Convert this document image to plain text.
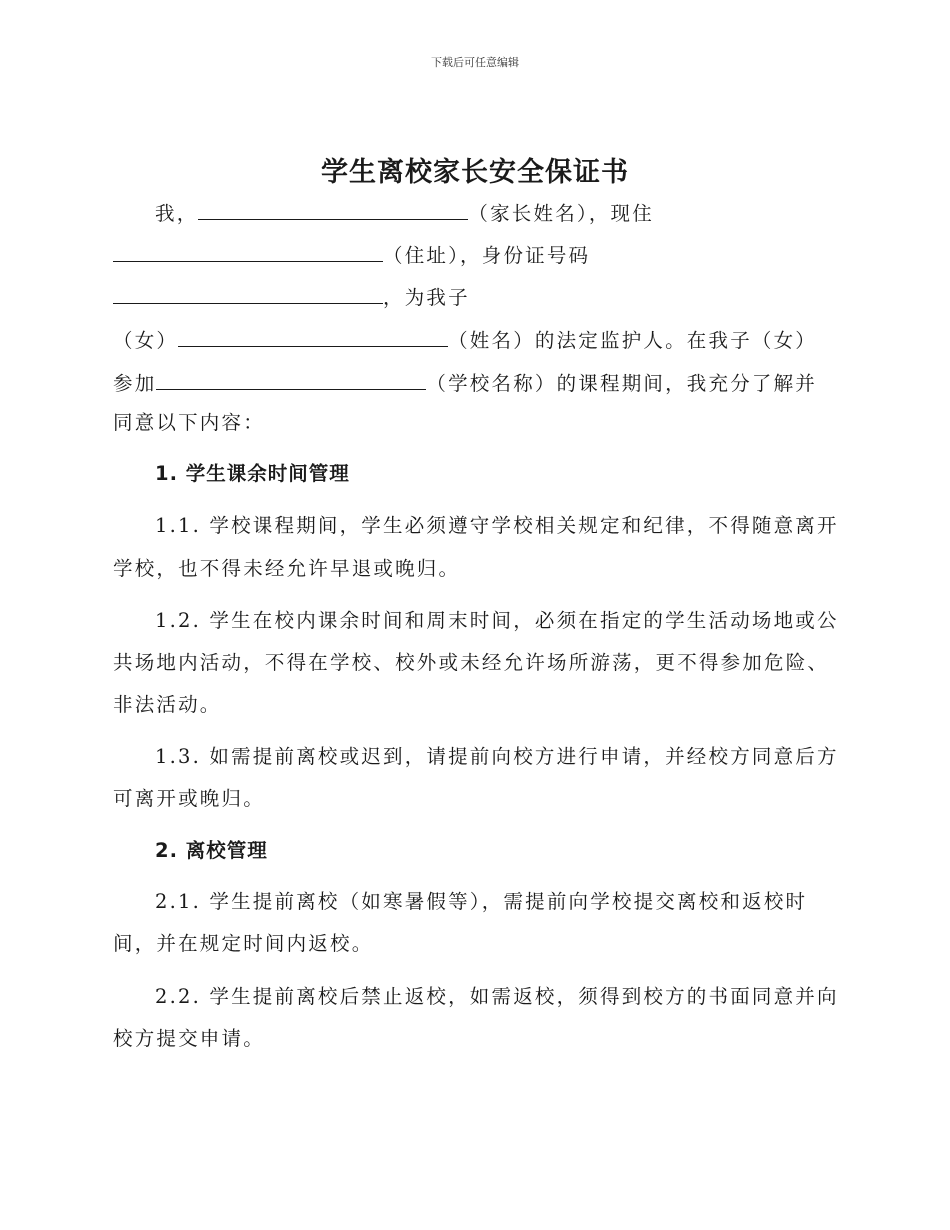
下载后可任意编辑
学生离校家长安全保证书
我，	（家长姓名），现住
（住址），身份证号码
，为我子
（女）	（姓名）的法定监护人。在我子（女）
参加	（学校名称）的课程期间，我充分了解并
同意以下内容：
1. 学生课余时间管理
1.1. 学校课程期间，学生必须遵守学校相关规定和纪律，不得随意离开
学校，也不得未经允许早退或晚归。
1.2. 学生在校内课余时间和周末时间，必须在指定的学生活动场地或公
共场地内活动，不得在学校、校外或未经允许场所游荡，更不得参加危险、
非法活动。
1.3. 如需提前离校或迟到，请提前向校方进行申请，并经校方同意后方
可离开或晚归。
2. 离校管理
2.1. 学生提前离校（如寒暑假等），需提前向学校提交离校和返校时
间，并在规定时间内返校。
2.2. 学生提前离校后禁止返校，如需返校，须得到校方的书面同意并向
校方提交申请。
